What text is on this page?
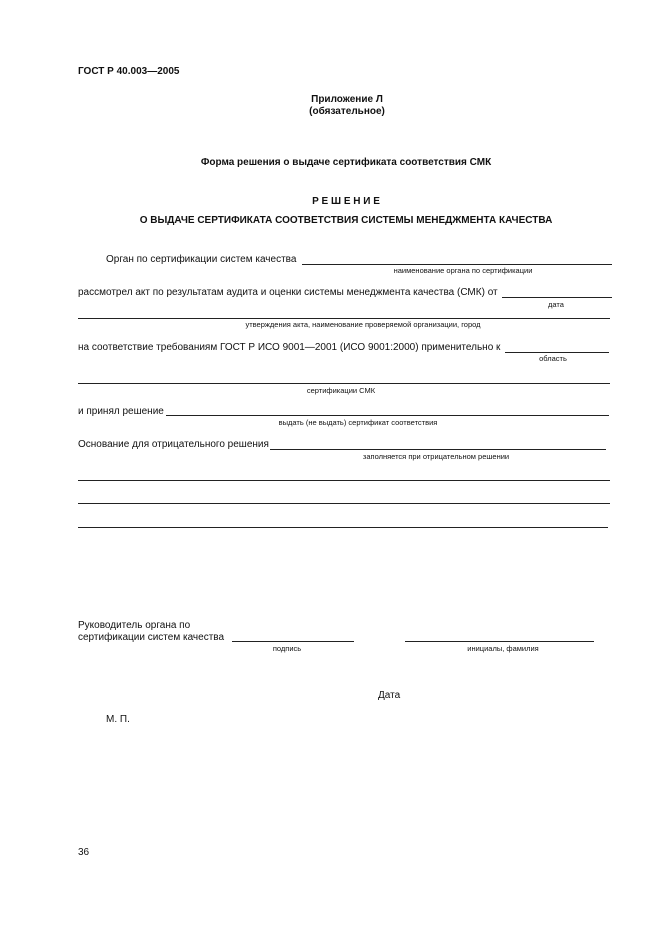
ГОСТ Р 40.003—2005
Приложение Л
(обязательное)
Форма решения о выдаче сертификата соответствия СМК
Р Е Ш Е Н И Е
О ВЫДАЧЕ СЕРТИФИКАТА СООТВЕТСТВИЯ СИСТЕМЫ МЕНЕДЖМЕНТА КАЧЕСТВА
Орган по сертификации систем качества
наименование органа по сертификации
рассмотрел акт по результатам аудита и оценки системы менеджмента качества (СМК) от
дата
утверждения акта, наименование проверяемой организации, город
на соответствие требованиям ГОСТ Р ИСО 9001—2001 (ИСО 9001:2000) применительно к
область
сертификации СМК
и принял решение
выдать (не выдать) сертификат соответствия
Основание для отрицательного решения
заполняется при отрицательном решении
Руководитель органа по
сертификации систем качества
подпись	инициалы, фамилия
Дата
М. П.
36
